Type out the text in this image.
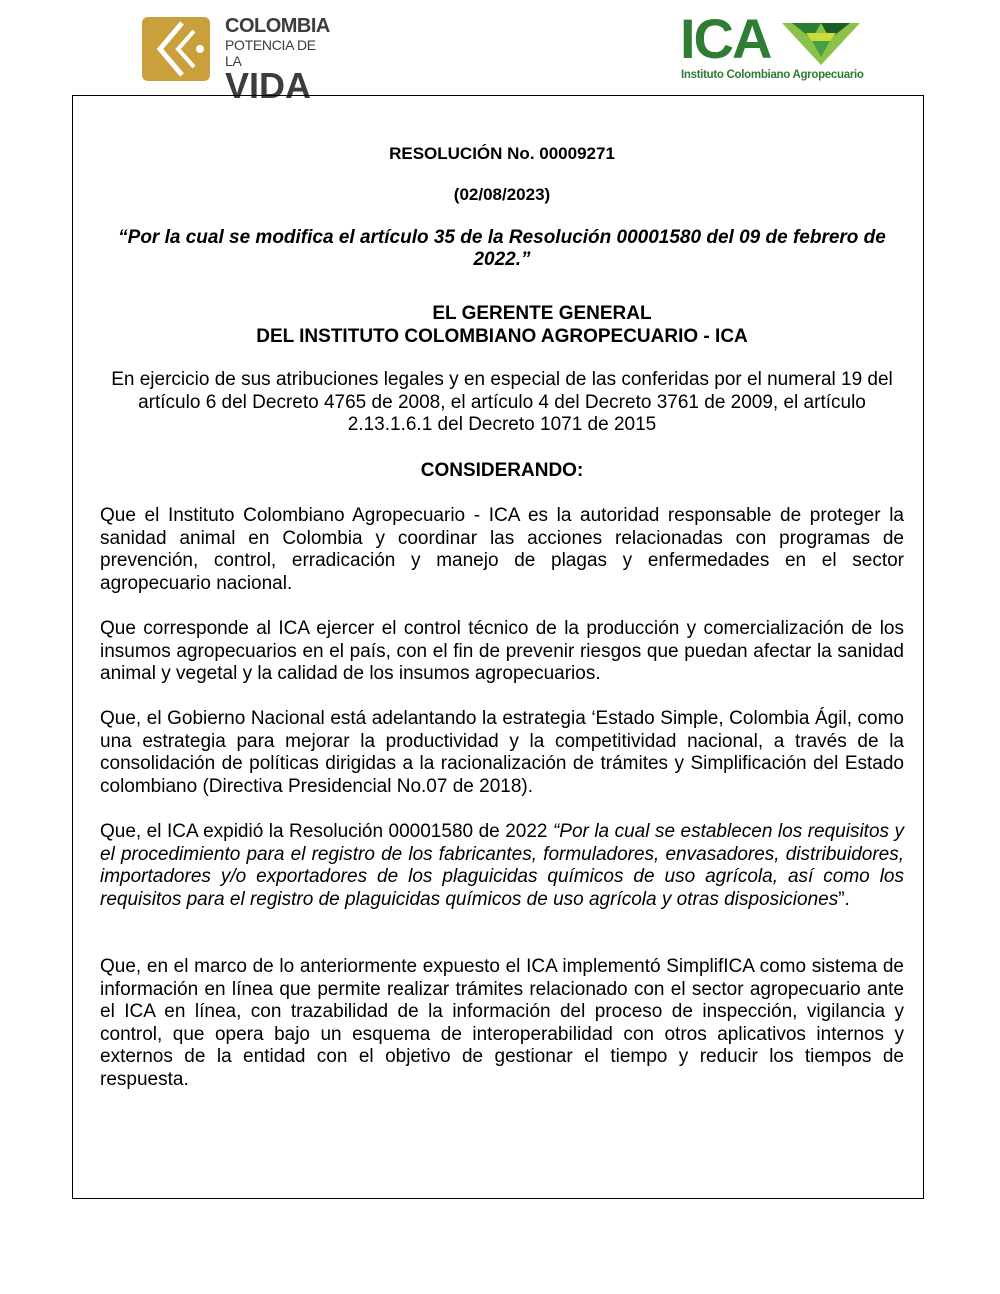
COLOMBIA
POTENCIA DE LA
VIDA
ICA
Instituto Colombiano Agropecuario
RESOLUCIÓN No. 00009271
(02/08/2023)
“Por la cual se modifica el artículo 35 de la Resolución 00001580 del 09 de febrero de 2022.”
EL GERENTE GENERAL
DEL INSTITUTO COLOMBIANO AGROPECUARIO - ICA
En ejercicio de sus atribuciones legales y en especial de las conferidas por el numeral 19 del artículo 6 del Decreto 4765 de 2008, el artículo 4 del Decreto 3761 de 2009, el artículo 2.13.1.6.1 del Decreto 1071 de 2015
CONSIDERANDO:
Que el Instituto Colombiano Agropecuario - ICA es la autoridad responsable de proteger la sanidad animal en Colombia y coordinar las acciones relacionadas con programas de prevención, control, erradicación y manejo de plagas y enfermedades en el sector agropecuario nacional.
Que corresponde al ICA ejercer el control técnico de la producción y comercialización de los insumos agropecuarios en el país, con el fin de prevenir riesgos que puedan afectar la sanidad animal y vegetal y la calidad de los insumos agropecuarios.
Que, el Gobierno Nacional está adelantando la estrategia ‘Estado Simple, Colombia Ágil, como una estrategia para mejorar la productividad y la competitividad nacional, a través de la consolidación de políticas dirigidas a la racionalización de trámites y Simplificación del Estado colombiano (Directiva Presidencial No.07 de 2018).
Que, el ICA expidió la Resolución 00001580 de 2022 “Por la cual se establecen los requisitos y el procedimiento para el registro de los fabricantes, formuladores, envasadores, distribuidores, importadores y/o exportadores de los plaguicidas químicos de uso agrícola, así como los requisitos para el registro de plaguicidas químicos de uso agrícola y otras disposiciones”.
Que, en el marco de lo anteriormente expuesto el ICA implementó SimplifICA como sistema de información en línea que permite realizar trámites relacionado con el sector agropecuario ante el ICA en línea, con trazabilidad de la información del proceso de inspección, vigilancia y control, que opera bajo un esquema de interoperabilidad con otros aplicativos internos y externos de la entidad con el objetivo de gestionar el tiempo y reducir los tiempos de respuesta.
